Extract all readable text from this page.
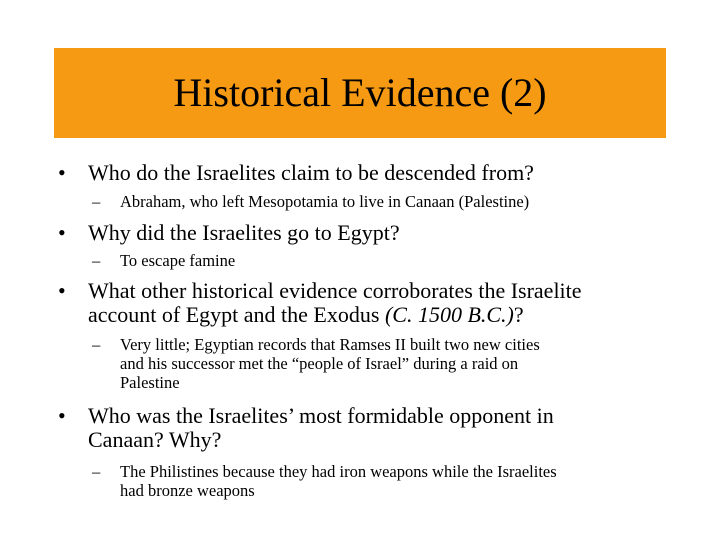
Historical Evidence (2)
• Who do the Israelites claim to be descended from?
– Abraham, who left Mesopotamia to live in Canaan (Palestine)
• Why did the Israelites go to Egypt?
– To escape famine
• What other historical evidence corroborates the Israelite
account of Egypt and the Exodus (C. 1500 B.C.)?
– Very little; Egyptian records that Ramses II built two new cities
and his successor met the “people of Israel” during a raid on
Palestine
• Who was the Israelites’ most formidable opponent in
Canaan? Why?
– The Philistines because they had iron weapons while the Israelites
had bronze weapons
